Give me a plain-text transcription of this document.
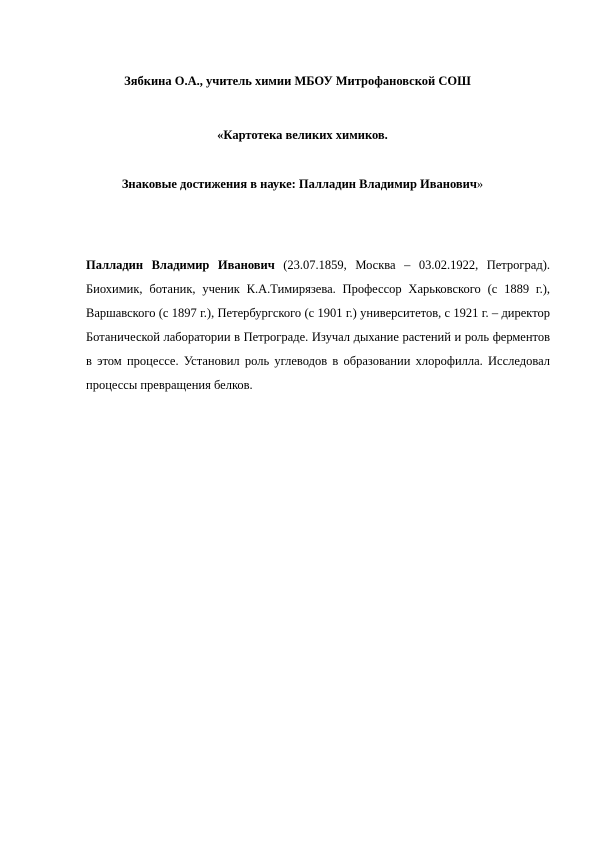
Зябкина О.А., учитель химии МБОУ Митрофановской СОШ
«Картотека великих химиков.
Знаковые достижения в науке: Палладин Владимир Иванович»

Палладин Владимир Иванович (23.07.1859, Москва – 03.02.1922, Петроград). Биохимик, ботаник, ученик К.А.Тимирязева. Профессор Харьковского (с 1889 г.), Варшавского (с 1897 г.), Петербургского (с 1901 г.) университетов, с 1921 г. – директор Ботанической лаборатории в Петрограде. Изучал дыхание растений и роль ферментов в этом процессе. Установил роль углеводов в образовании хлорофилла. Исследовал процессы превращения белков.
